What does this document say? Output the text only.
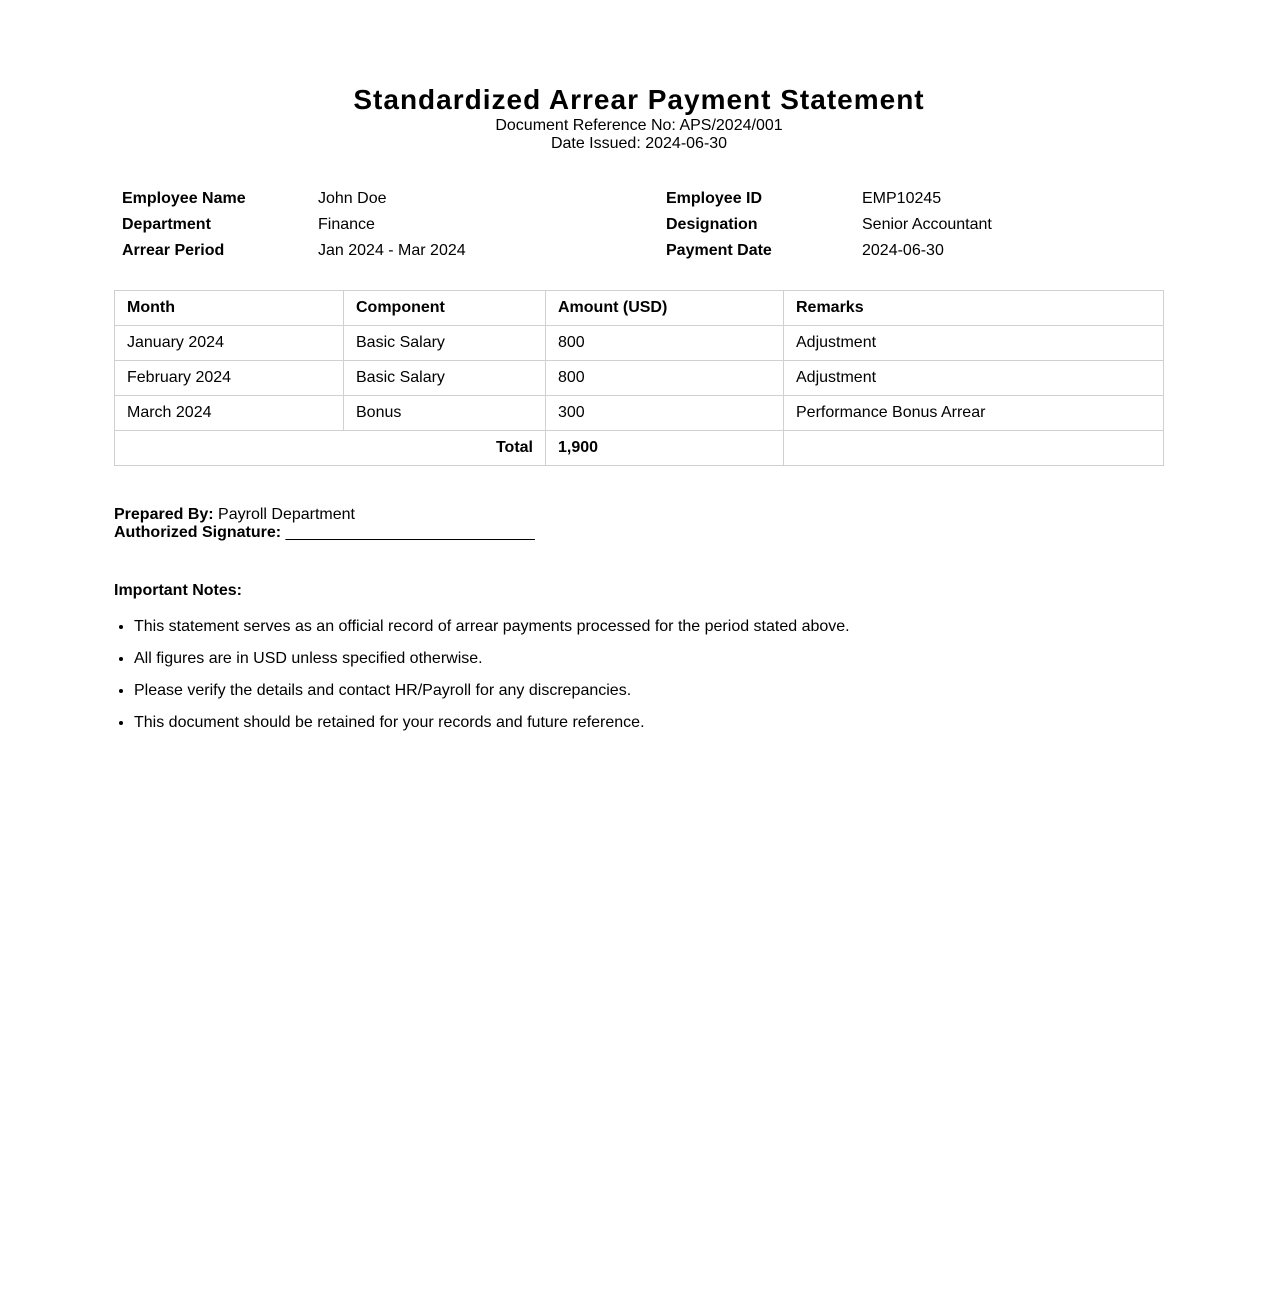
Standardized Arrear Payment Statement
Document Reference No: APS/2024/001
Date Issued: 2024-06-30
Employee Name	John Doe	Employee ID	EMP10245
Department	Finance	Designation	Senior Accountant
Arrear Period	Jan 2024 - Mar 2024	Payment Date	2024-06-30
Month	Component	Amount (USD)	Remarks
January 2024	Basic Salary	800	Adjustment
February 2024	Basic Salary	800	Adjustment
March 2024	Bonus	300	Performance Bonus Arrear
Total		1,900	
Prepared By: Payroll Department
Authorized Signature: ____________________________

Important Notes:

• This statement serves as an official record of arrear payments processed for the period stated above.
• All figures are in USD unless specified otherwise.
• Please verify the details and contact HR/Payroll for any discrepancies.
• This document should be retained for your records and future reference.
